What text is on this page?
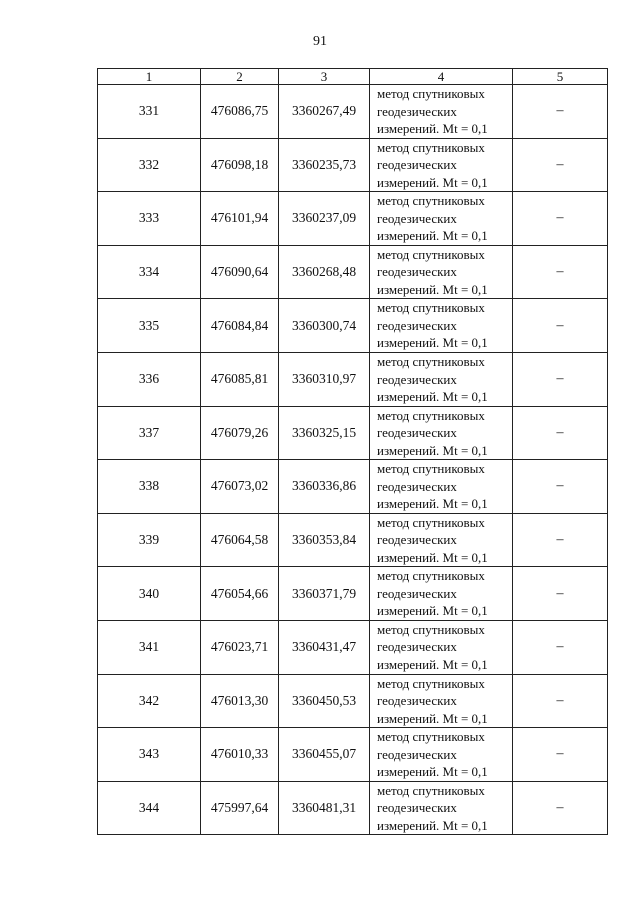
91
1	2	3	4	5
331	476086,75	3360267,49	метод спутниковых
геодезических
измерений. Mt = 0,1	–
332	476098,18	3360235,73	метод спутниковых
геодезических
измерений. Mt = 0,1	–
333	476101,94	3360237,09	метод спутниковых
геодезических
измерений. Mt = 0,1	–
334	476090,64	3360268,48	метод спутниковых
геодезических
измерений. Mt = 0,1	–
335	476084,84	3360300,74	метод спутниковых
геодезических
измерений. Mt = 0,1	–
336	476085,81	3360310,97	метод спутниковых
геодезических
измерений. Mt = 0,1	–
337	476079,26	3360325,15	метод спутниковых
геодезических
измерений. Mt = 0,1	–
338	476073,02	3360336,86	метод спутниковых
геодезических
измерений. Mt = 0,1	–
339	476064,58	3360353,84	метод спутниковых
геодезических
измерений. Mt = 0,1	–
340	476054,66	3360371,79	метод спутниковых
геодезических
измерений. Mt = 0,1	–
341	476023,71	3360431,47	метод спутниковых
геодезических
измерений. Mt = 0,1	–
342	476013,30	3360450,53	метод спутниковых
геодезических
измерений. Mt = 0,1	–
343	476010,33	3360455,07	метод спутниковых
геодезических
измерений. Mt = 0,1	–
344	475997,64	3360481,31	метод спутниковых
геодезических
измерений. Mt = 0,1	–
